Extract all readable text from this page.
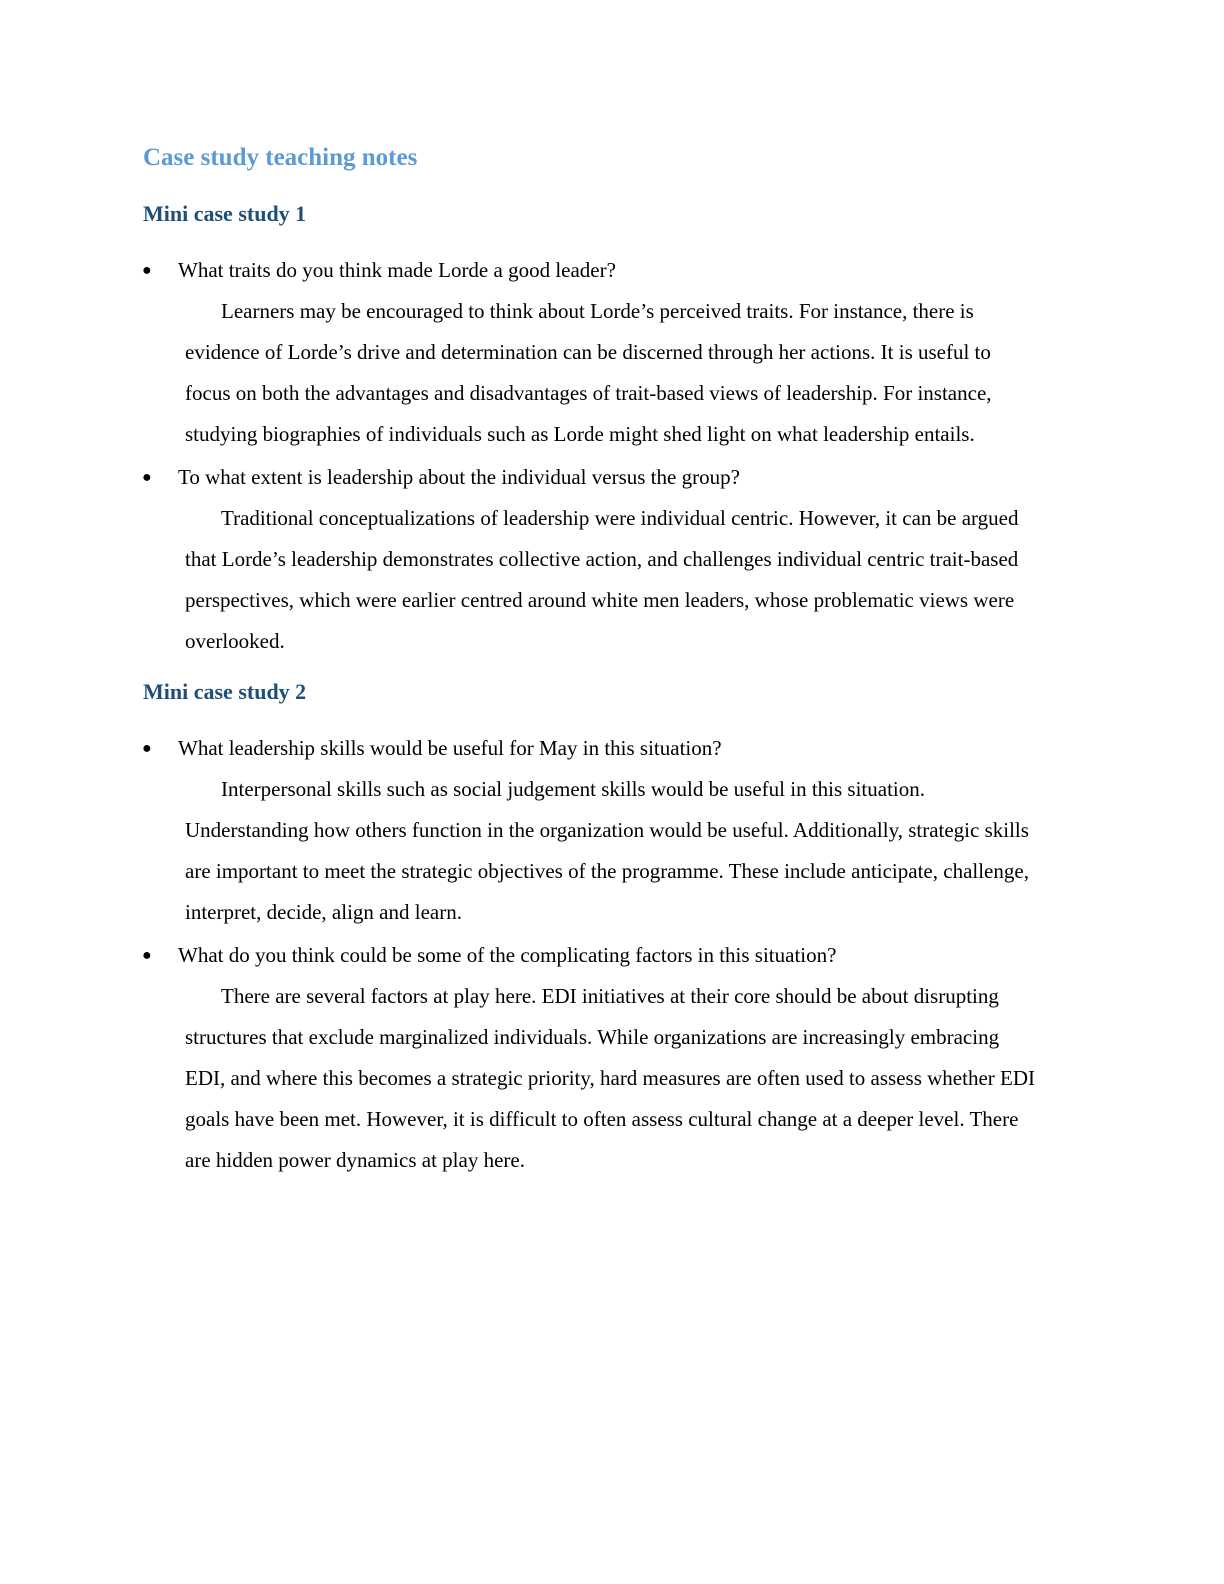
Case study teaching notes
Mini case study 1
● What traits do you think made Lorde a good leader?

Learners may be encouraged to think about Lorde’s perceived traits. For instance, there is evidence of Lorde’s drive and determination can be discerned through her actions. It is useful to focus on both the advantages and disadvantages of trait-based views of leadership. For instance, studying biographies of individuals such as Lorde might shed light on what leadership entails.

● To what extent is leadership about the individual versus the group?

Traditional conceptualizations of leadership were individual centric. However, it can be argued that Lorde’s leadership demonstrates collective action, and challenges individual centric trait-based perspectives, which were earlier centred around white men leaders, whose problematic views were overlooked.

Mini case study 2
● What leadership skills would be useful for May in this situation?

Interpersonal skills such as social judgement skills would be useful in this situation. Understanding how others function in the organization would be useful. Additionally, strategic skills are important to meet the strategic objectives of the programme. These include anticipate, challenge, interpret, decide, align and learn.

● What do you think could be some of the complicating factors in this situation?

There are several factors at play here. EDI initiatives at their core should be about disrupting structures that exclude marginalized individuals. While organizations are increasingly embracing EDI, and where this becomes a strategic priority, hard measures are often used to assess whether EDI goals have been met. However, it is difficult to often assess cultural change at a deeper level. There are hidden power dynamics at play here.
